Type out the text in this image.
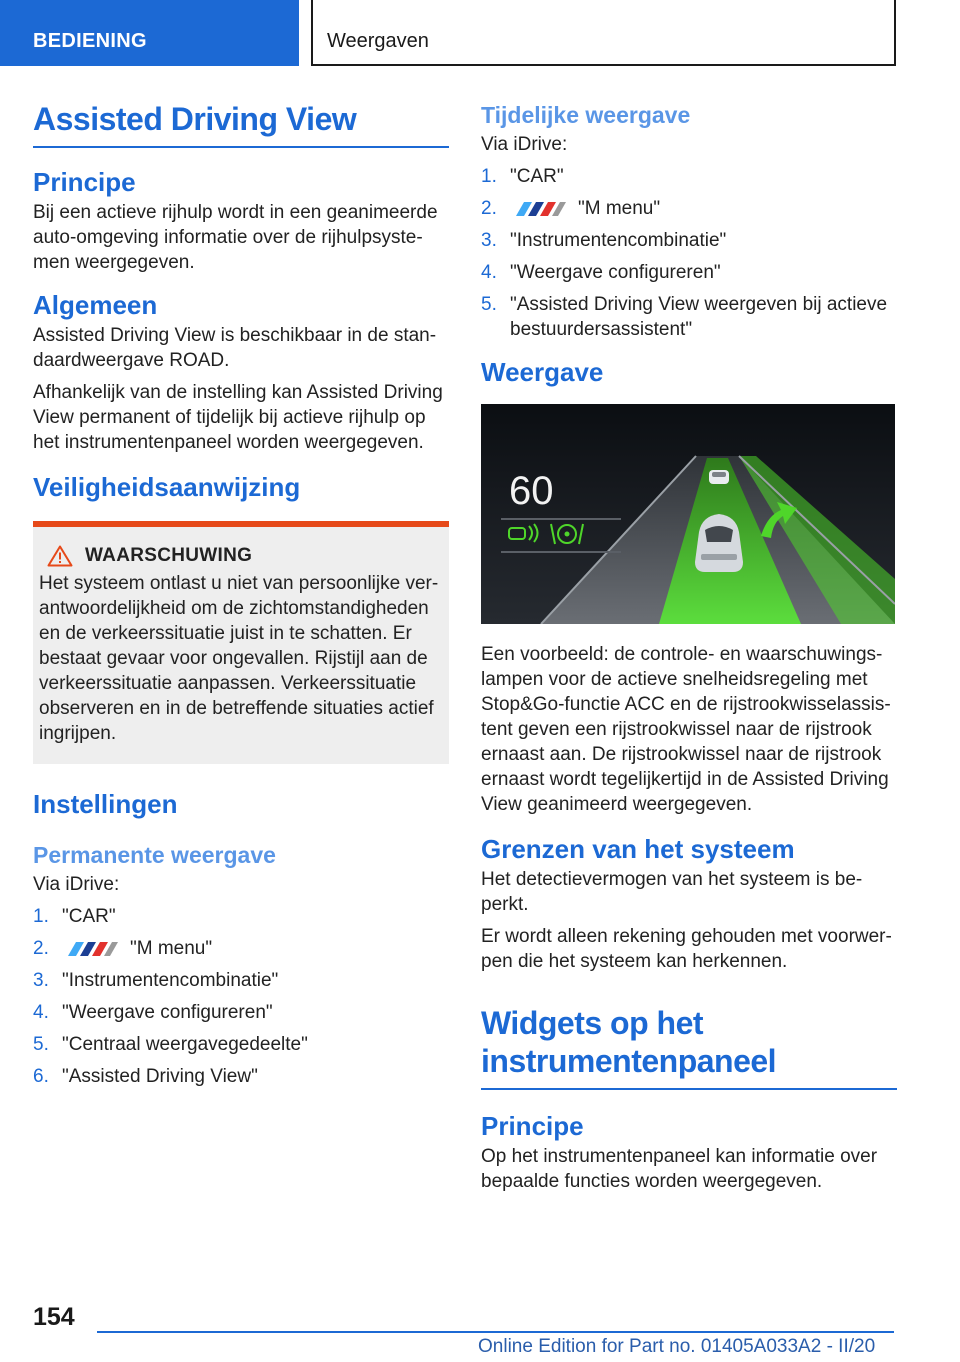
BEDIENING	Weergaven
Assisted Driving View
Principe

Bij een actieve rijhulp wordt in een geanimeerde auto-omgeving informatie over de rijhulpsyste-men weergegeven.

Algemeen

Assisted Driving View is beschikbaar in de stan-daardweergave ROAD.

Afhankelijk van de instelling kan Assisted Driving View permanent of tijdelijk bij actieve rijhulp op het instrumentenpaneel worden weergegeven.

Veiligheidsaanwijzing
WAARSCHUWING

Het systeem ontlast u niet van persoonlijke ver-antwoordelijkheid om de zichtomstandigheden en de verkeerssituatie juist in te schatten. Er bestaat gevaar voor ongevallen. Rijstijl aan de verkeerssituatie aanpassen. Verkeerssituatie observeren en in de betreffende situaties actief ingrijpen.

Instellingen
Permanente weergave

Via iDrive:

1. "CAR"
2.	"M menu"
3. "Instrumentencombinatie"
4. "Weergave configureren"
5. "Centraal weergavegedeelte"
6. "Assisted Driving View"
Tijdelijke weergave

Via iDrive:

1. "CAR"
2.	"M menu"
3. "Instrumentencombinatie"
4. "Weergave configureren"
5. "Assisted Driving View weergeven bij actieve bestuurdersassistent"
Weergave
60

Een voorbeeld: de controle- en waarschuwings-lampen voor de actieve snelheidsregeling met Stop&Go-functie ACC en de rijstrookwisselassis-tent geven een rijstrookwissel naar de rijstrook ernaast aan. De rijstrookwissel naar de rijstrook ernaast wordt tegelijkertijd in de Assisted Driving View geanimeerd weergegeven.

Grenzen van het systeem

Het detectievermogen van het systeem is be-perkt.

Er wordt alleen rekening gehouden met voorwer-pen die het systeem kan herkennen.

Widgets op het instrumentenpaneel
Principe

Op het instrumentenpaneel kan informatie over bepaalde functies worden weergegeven.

154
Online Edition for Part no. 01405A033A2 - II/20
